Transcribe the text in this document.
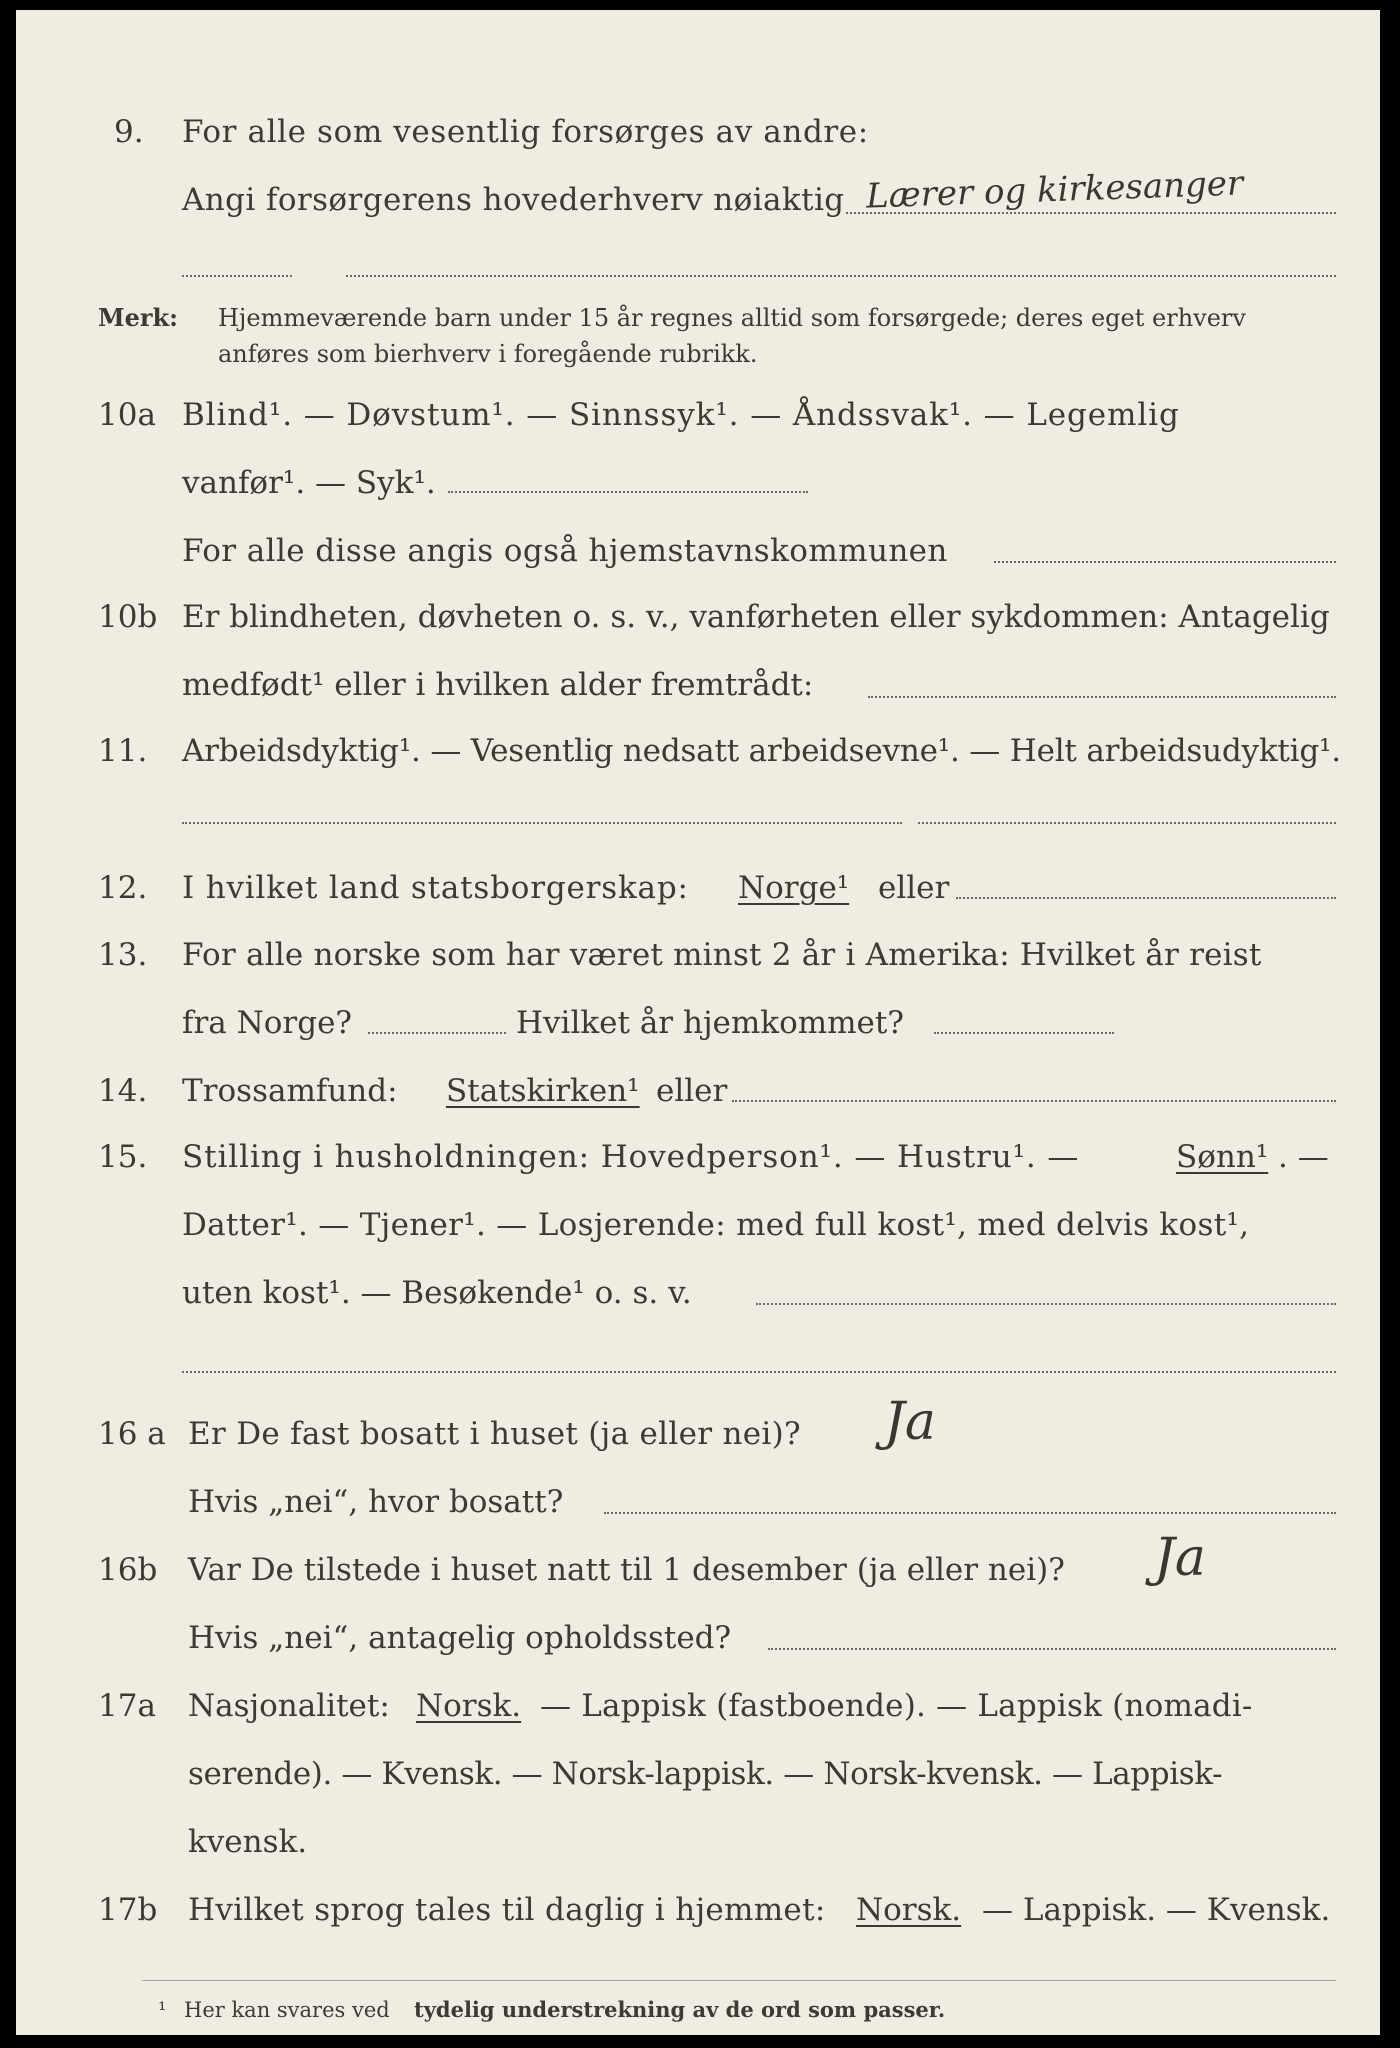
9. For alle som vesentlig forsørges av andre:
Angi forsørgerens hovederhverv nøiaktig Lærer og kirkesanger
Merk: Hjemmeværende barn under 15 år regnes alltid som forsørgede; deres eget erhverv
anføres som bierhverv i foregående rubrikk.
10a Blind¹. — Døvstum¹. — Sinnssyk¹. — Åndssvak¹. — Legemlig
vanfør¹. — Syk¹.
For alle disse angis også hjemstavnskommunen
10b Er blindheten, døvheten o. s. v., vanførheten eller sykdommen: Antagelig
medfødt¹ eller i hvilken alder fremtrådt:
11. Arbeidsdyktig¹. — Vesentlig nedsatt arbeidsevne¹. — Helt arbeidsudyktig¹.
12. I hvilket land statsborgerskap: Norge¹ eller
13. For alle norske som har været minst 2 år i Amerika: Hvilket år reist
fra Norge?	Hvilket år hjemkommet?
14. Trossamfund: Statskirken¹ eller
15. Stilling i husholdningen: Hovedperson¹. — Hustru¹. —	Sønn¹ . —
Datter¹. — Tjener¹. — Losjerende: med full kost¹, med delvis kost¹,
uten kost¹. — Besøkende¹ o. s. v.
16 a Er De fast bosatt i huset (ja eller nei)? Ja
Hvis „nei“, hvor bosatt?
16b Var De tilstede i huset natt til 1 desember (ja eller nei)? Ja
Hvis „nei“, antagelig opholdssted?
17a Nasjonalitet: Norsk. — Lappisk (fastboende). — Lappisk (nomadi-
serende). — Kvensk. — Norsk-lappisk. — Norsk-kvensk. — Lappisk-
kvensk.
17b Hvilket sprog tales til daglig i hjemmet: Norsk. — Lappisk. — Kvensk.
¹ Her kan svares ved tydelig understrekning av de ord som passer.
